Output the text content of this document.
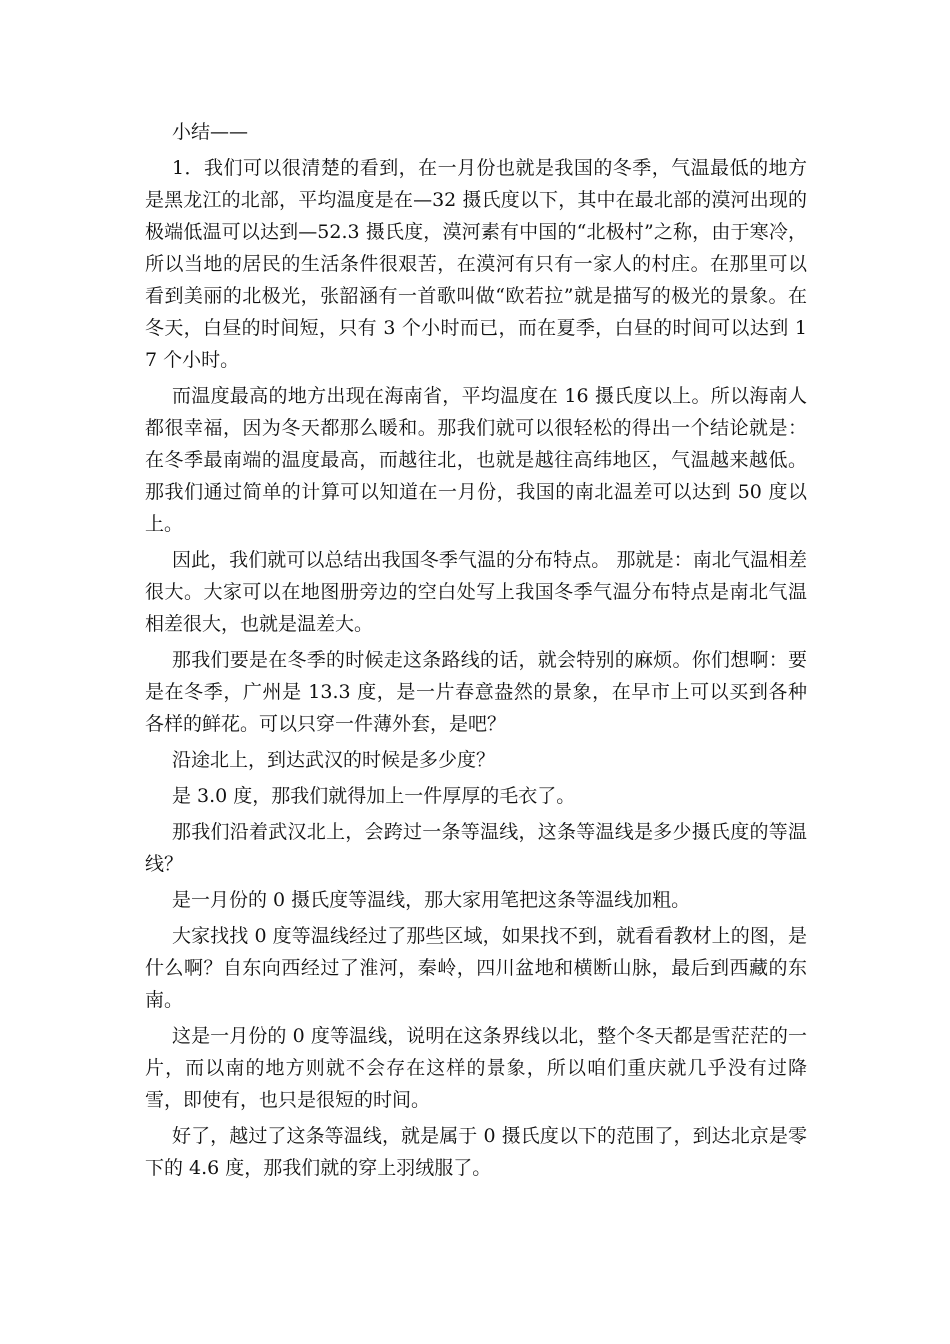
小结——

1．我们可以很清楚的看到，在一月份也就是我国的冬季，气温最低的地方是黑龙江的北部，平均温度是在—32 摄氏度以下，其中在最北部的漠河出现的极端低温可以达到—52.3 摄氏度，漠河素有中国的“北极村”之称，由于寒冷，所以当地的居民的生活条件很艰苦，在漠河有只有一家人的村庄。在那里可以看到美丽的北极光，张韶涵有一首歌叫做“欧若拉”就是描写的极光的景象。在冬天，白昼的时间短，只有 3 个小时而已，而在夏季，白昼的时间可以达到 17 个小时。

而温度最高的地方出现在海南省，平均温度在 16 摄氏度以上。所以海南人都很幸福，因为冬天都那么暖和。那我们就可以很轻松的得出一个结论就是： 在冬季最南端的温度最高，而越往北，也就是越往高纬地区，气温越来越低。那我们通过简单的计算可以知道在一月份，我国的南北温差可以达到 50 度以上。

因此，我们就可以总结出我国冬季气温的分布特点。 那就是：南北气温相差很大。大家可以在地图册旁边的空白处写上我国冬季气温分布特点是南北气温相差很大，也就是温差大。

那我们要是在冬季的时候走这条路线的话，就会特别的麻烦。你们想啊：要是在冬季，广州是 13.3 度，是一片春意盎然的景象，在早市上可以买到各种各样的鲜花。可以只穿一件薄外套，是吧？

沿途北上，到达武汉的时候是多少度？

是 3.0 度，那我们就得加上一件厚厚的毛衣了。

那我们沿着武汉北上，会跨过一条等温线，这条等温线是多少摄氏度的等温线？

是一月份的 0 摄氏度等温线，那大家用笔把这条等温线加粗。

大家找找 0 度等温线经过了那些区域，如果找不到，就看看教材上的图，是什么啊？自东向西经过了淮河，秦岭，四川盆地和横断山脉，最后到西藏的东南。

这是一月份的 0 度等温线，说明在这条界线以北，整个冬天都是雪茫茫的一片，而以南的地方则就不会存在这样的景象，所以咱们重庆就几乎没有过降雪，即使有，也只是很短的时间。

好了，越过了这条等温线，就是属于 0 摄氏度以下的范围了，到达北京是零下的 4.6 度，那我们就的穿上羽绒服了。
